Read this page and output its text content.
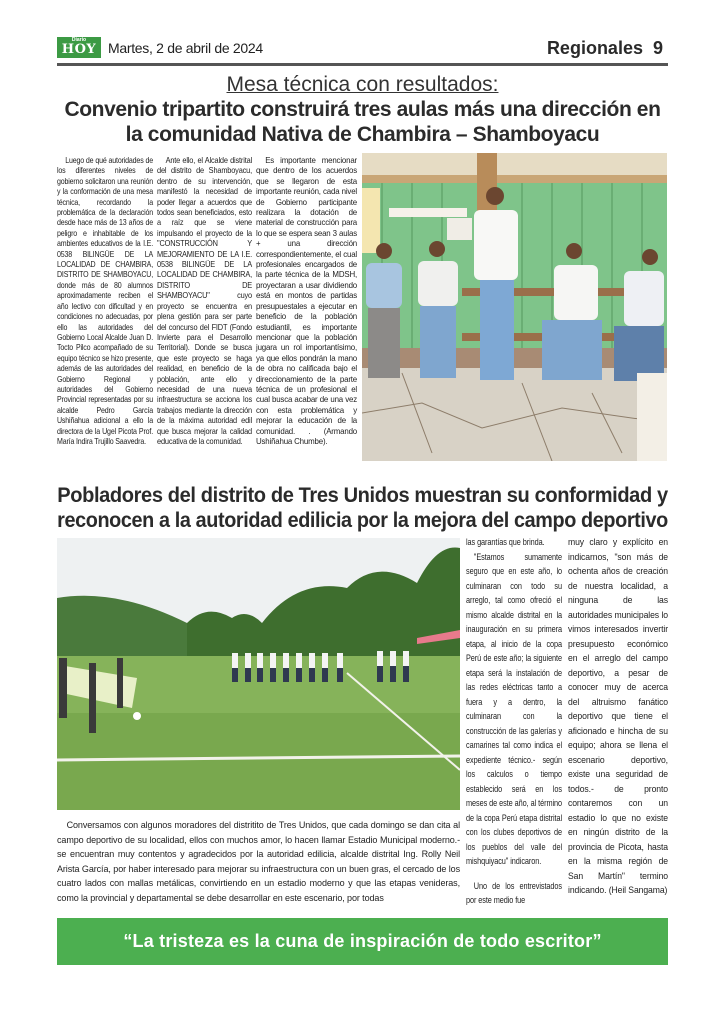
Diario
HOY Martes, 2 de abril de 2024	Regionales 9
Mesa técnica con resultados:
Convenio tripartito construirá tres aulas más una dirección en
la comunidad Nativa de Chambira – Shamboyacu

Luego de qué autoridades de los diferentes niveles de gobierno solicitaron una reunión y la conformación de una mesa técnica, recordando la problemática de la declaración desde hace más de 13 años de peligro e inhabitable de los ambientes educativos de la I.E. 0538 BILINGÜE DE LA LOCALIDAD DE CHAMBIRA, DISTRITO DE SHAMBOYACU, donde más de 80 alumnos aproximadamente reciben el año lectivo con dificultad y en condiciones no adecuadas, por ello las autoridades del Gobierno Local Alcalde Juan D. Tocto Pilco acompañado de su equipo técnico se hizo presente, además de las autoridades del Gobierno Regional y autoridades del Gobierno Provincial representadas por su alcalde Pedro García Ushiñahua adicional a ello la directora de la Ugel Picota Prof. María Indira Trujillo Saavedra.

Ante ello, el Alcalde distrital del distrito de Shamboyacu, dentro de su intervención, manifestó la necesidad de poder llegar a acuerdos que todos sean beneficiados, esto a raíz que se viene impulsando el proyecto de la "CONSTRUCCIÓN Y MEJORAMIENTO DE LA I.E. 0538 BILINGÜE DE LA LOCALIDAD DE CHAMBIRA, DISTRITO DE SHAMBOYACU" cuyo proyecto se encuentra en plena gestión para ser parte del concurso del FIDT (Fondo Invierte para el Desarrollo Territorial). Donde se busca que este proyecto se haga realidad, en beneficio de la población, ante ello y necesidad de una nueva infraestructura se acciona los trabajos mediante la dirección de la máxima autoridad edil que busca mejorar la calidad educativa de la comunidad.

Es importante mencionar que dentro de los acuerdos que se llegaron de esta importante reunión, cada nivel de Gobierno participante realizara la dotación de material de construcción para lo que se espera sean 3 aulas + una dirección correspondientemente, el cual profesionales encargados de la parte técnica de la MDSH, proyectaran a usar dividiendo está en montos de partidas presupuestales a ejecutar en beneficio de la población estudiantil, es importante mencionar que la población jugara un rol importantísimo, ya que ellos pondrán la mano de obra no calificada bajo el direccionamiento de la parte técnica de un profesional el cual busca acabar de una vez con esta problemática y mejorar la educación de la comunidad. . (Armando Ushiñahua Chumbe).

Pobladores del distrito de Tres Unidos muestran su conformidad y
reconocen a la autoridad edilicia por la mejora del campo deportivo

Conversamos con algunos moradores del distritito de Tres Unidos, que cada domingo se dan cita al campo deportivo de su localidad, ellos con muchos amor, lo hacen llamar Estadio Municipal moderno.- se encuentran muy contentos y agradecidos por la autoridad edilicia, alcalde distrital Ing. Rolly Neil Arista García, por haber interesado para mejorar su infraestructura con un buen gras, el cercado de los cuatro lados con mallas metálicas, convirtiendo en un estadio moderno y que las etapas venideras, como la provincial y departamental se debe desarrollar en este escenario, por todas

las garantías que brinda.

"Estamos sumamente seguro que en este año, lo culminaran con todo su arreglo, tal como ofreció el mismo alcalde distrital en la inauguración en su primera etapa, al inicio de la copa Perú de este año; la siguiente etapa será la instalación de las redes eléctricas tanto a fuera y a dentro, la culminaran con la construcción de las galerías y camarines tal como indica el expediente técnico.- según los calculos o tiempo establecido será en los meses de este año, al término de la copa Perú etapa distrital con los clubes deportivos de los pueblos del valle del mishquiyacu" indicaron.

Uno de los entrevistados por este medio fue

muy claro y explícito en indicarnos, "son más de ochenta años de creación de nuestra localidad, a ninguna de las autoridades municipales lo vimos interesados invertir presupuesto económico en el arreglo del campo deportivo, a pesar de conocer muy de acerca del altruismo fanático deportivo que tiene el aficionado e hincha de su equipo; ahora se llena el escenario deportivo, existe una seguridad de todos.- de pronto contaremos con un estadio lo que no existe en ningún distrito de la provincia de Picota, hasta en la misma región de San Martín" termino indicando. (Heil Sangama)

“La tristeza es la cuna de inspiración de todo escritor”
